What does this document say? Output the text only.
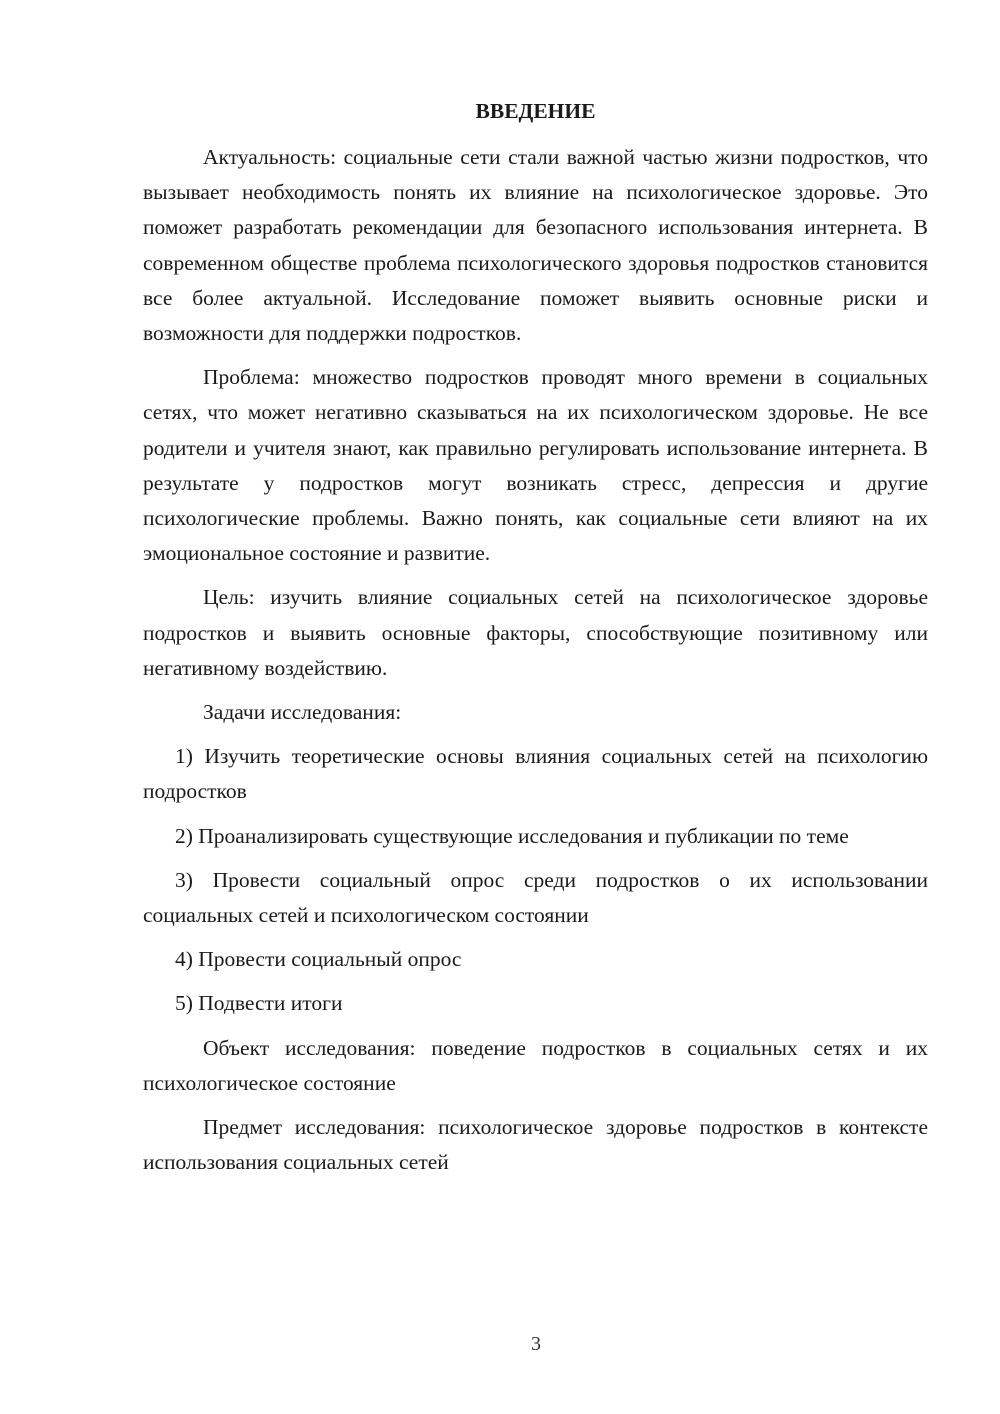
ВВЕДЕНИЕ

Актуальность: социальные сети стали важной частью жизни подростков, что вызывает необходимость понять их влияние на психологическое здоровье. Это поможет разработать рекомендации для безопасного использования интернета. В современном обществе проблема психологического здоровья подростков становится все более актуальной. Исследование поможет выявить основные риски и возможности для поддержки подростков.

Проблема: множество подростков проводят много времени в социальных сетях, что может негативно сказываться на их психологическом здоровье. Не все родители и учителя знают, как правильно регулировать использование интернета. В результате у подростков могут возникать стресс, депрессия и другие психологические проблемы. Важно понять, как социальные сети влияют на их эмоциональное состояние и развитие.

Цель: изучить влияние социальных сетей на психологическое здоровье подростков и выявить основные факторы, способствующие позитивному или негативному воздействию.

Задачи исследования:

1) Изучить теоретические основы влияния социальных сетей на психологию подростков

2) Проанализировать существующие исследования и публикации по теме

3) Провести социальный опрос среди подростков о их использовании социальных сетей и психологическом состоянии

4) Провести социальный опрос

5) Подвести итоги

Объект исследования: поведение подростков в социальных сетях и их психологическое состояние

Предмет исследования: психологическое здоровье подростков в контексте использования социальных сетей

3
